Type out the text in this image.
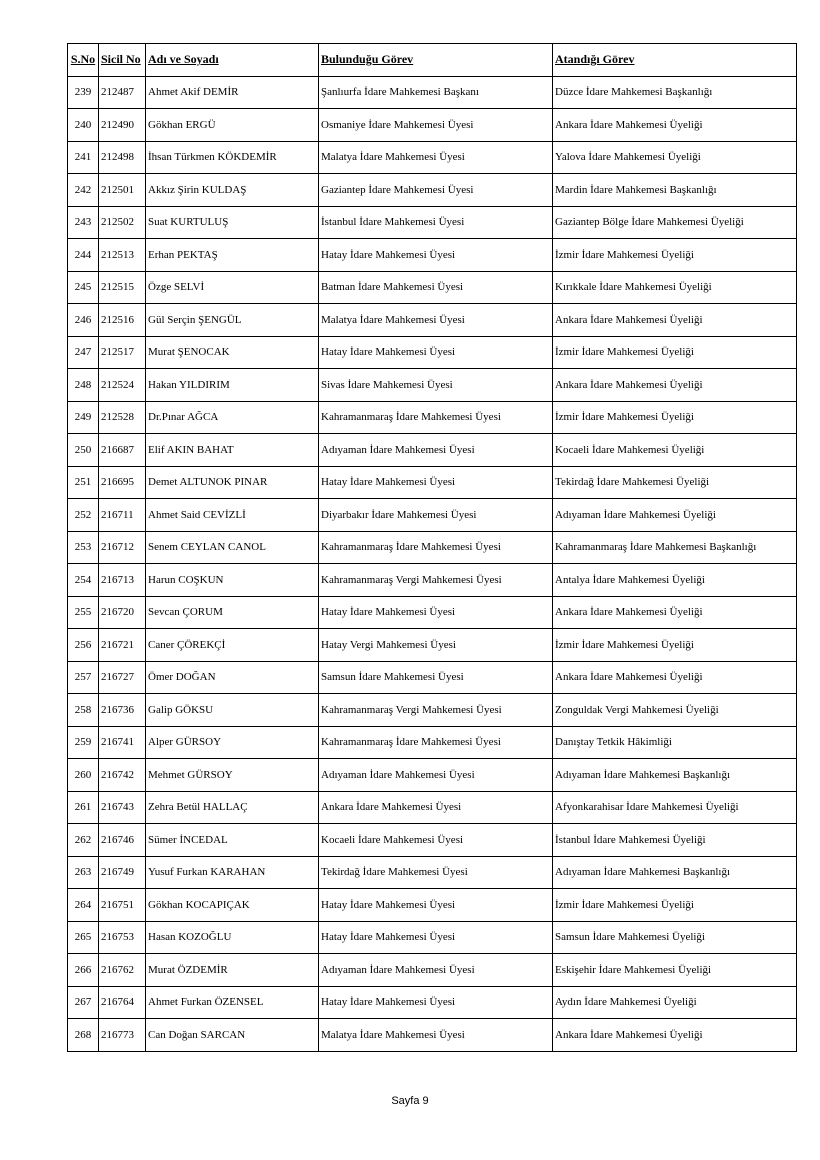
S.No	Sicil No	Adı ve Soyadı	Bulunduğu Görev	Atandığı Görev
239	212487	Ahmet Akif DEMİR	Şanlıurfa İdare Mahkemesi Başkanı	Düzce İdare Mahkemesi Başkanlığı
240	212490	Gökhan ERGÜ	Osmaniye İdare Mahkemesi Üyesi	Ankara İdare Mahkemesi Üyeliği
241	212498	İhsan Türkmen KÖKDEMİR	Malatya İdare Mahkemesi Üyesi	Yalova İdare Mahkemesi Üyeliği
242	212501	Akkız Şirin KULDAŞ	Gaziantep İdare Mahkemesi Üyesi	Mardin İdare Mahkemesi Başkanlığı
243	212502	Suat KURTULUŞ	İstanbul İdare Mahkemesi Üyesi	Gaziantep Bölge İdare Mahkemesi Üyeliği
244	212513	Erhan PEKTAŞ	Hatay İdare Mahkemesi Üyesi	İzmir İdare Mahkemesi Üyeliği
245	212515	Özge SELVİ	Batman İdare Mahkemesi Üyesi	Kırıkkale İdare Mahkemesi Üyeliği
246	212516	Gül Serçin ŞENGÜL	Malatya İdare Mahkemesi Üyesi	Ankara İdare Mahkemesi Üyeliği
247	212517	Murat ŞENOCAK	Hatay İdare Mahkemesi Üyesi	İzmir İdare Mahkemesi Üyeliği
248	212524	Hakan YILDIRIM	Sivas İdare Mahkemesi Üyesi	Ankara İdare Mahkemesi Üyeliği
249	212528	Dr.Pınar AĞCA	Kahramanmaraş İdare Mahkemesi Üyesi	İzmir İdare Mahkemesi Üyeliği
250	216687	Elif AKIN BAHAT	Adıyaman İdare Mahkemesi Üyesi	Kocaeli İdare Mahkemesi Üyeliği
251	216695	Demet ALTUNOK PINAR	Hatay İdare Mahkemesi Üyesi	Tekirdağ İdare Mahkemesi Üyeliği
252	216711	Ahmet Said CEVİZLİ	Diyarbakır İdare Mahkemesi Üyesi	Adıyaman İdare Mahkemesi Üyeliği
253	216712	Senem CEYLAN CANOL	Kahramanmaraş İdare Mahkemesi Üyesi	Kahramanmaraş İdare Mahkemesi Başkanlığı
254	216713	Harun COŞKUN	Kahramanmaraş Vergi Mahkemesi Üyesi	Antalya İdare Mahkemesi Üyeliği
255	216720	Sevcan ÇORUM	Hatay İdare Mahkemesi Üyesi	Ankara İdare Mahkemesi Üyeliği
256	216721	Caner ÇÖREKÇİ	Hatay Vergi Mahkemesi Üyesi	İzmir İdare Mahkemesi Üyeliği
257	216727	Ömer DOĞAN	Samsun İdare Mahkemesi Üyesi	Ankara İdare Mahkemesi Üyeliği
258	216736	Galip GÖKSU	Kahramanmaraş Vergi Mahkemesi Üyesi	Zonguldak Vergi Mahkemesi Üyeliği
259	216741	Alper GÜRSOY	Kahramanmaraş İdare Mahkemesi Üyesi	Danıştay Tetkik Hâkimliği
260	216742	Mehmet GÜRSOY	Adıyaman İdare Mahkemesi Üyesi	Adıyaman İdare Mahkemesi Başkanlığı
261	216743	Zehra Betül HALLAÇ	Ankara İdare Mahkemesi Üyesi	Afyonkarahisar İdare Mahkemesi Üyeliği
262	216746	Sümer İNCEDAL	Kocaeli İdare Mahkemesi Üyesi	İstanbul İdare Mahkemesi Üyeliği
263	216749	Yusuf Furkan KARAHAN	Tekirdağ İdare Mahkemesi Üyesi	Adıyaman İdare Mahkemesi Başkanlığı
264	216751	Gökhan KOCAPIÇAK	Hatay İdare Mahkemesi Üyesi	İzmir İdare Mahkemesi Üyeliği
265	216753	Hasan KOZOĞLU	Hatay İdare Mahkemesi Üyesi	Samsun İdare Mahkemesi Üyeliği
266	216762	Murat ÖZDEMİR	Adıyaman İdare Mahkemesi Üyesi	Eskişehir İdare Mahkemesi Üyeliği
267	216764	Ahmet Furkan ÖZENSEL	Hatay İdare Mahkemesi Üyesi	Aydın İdare Mahkemesi Üyeliği
268	216773	Can Doğan SARCAN	Malatya İdare Mahkemesi Üyesi	Ankara İdare Mahkemesi Üyeliği
Sayfa 9
